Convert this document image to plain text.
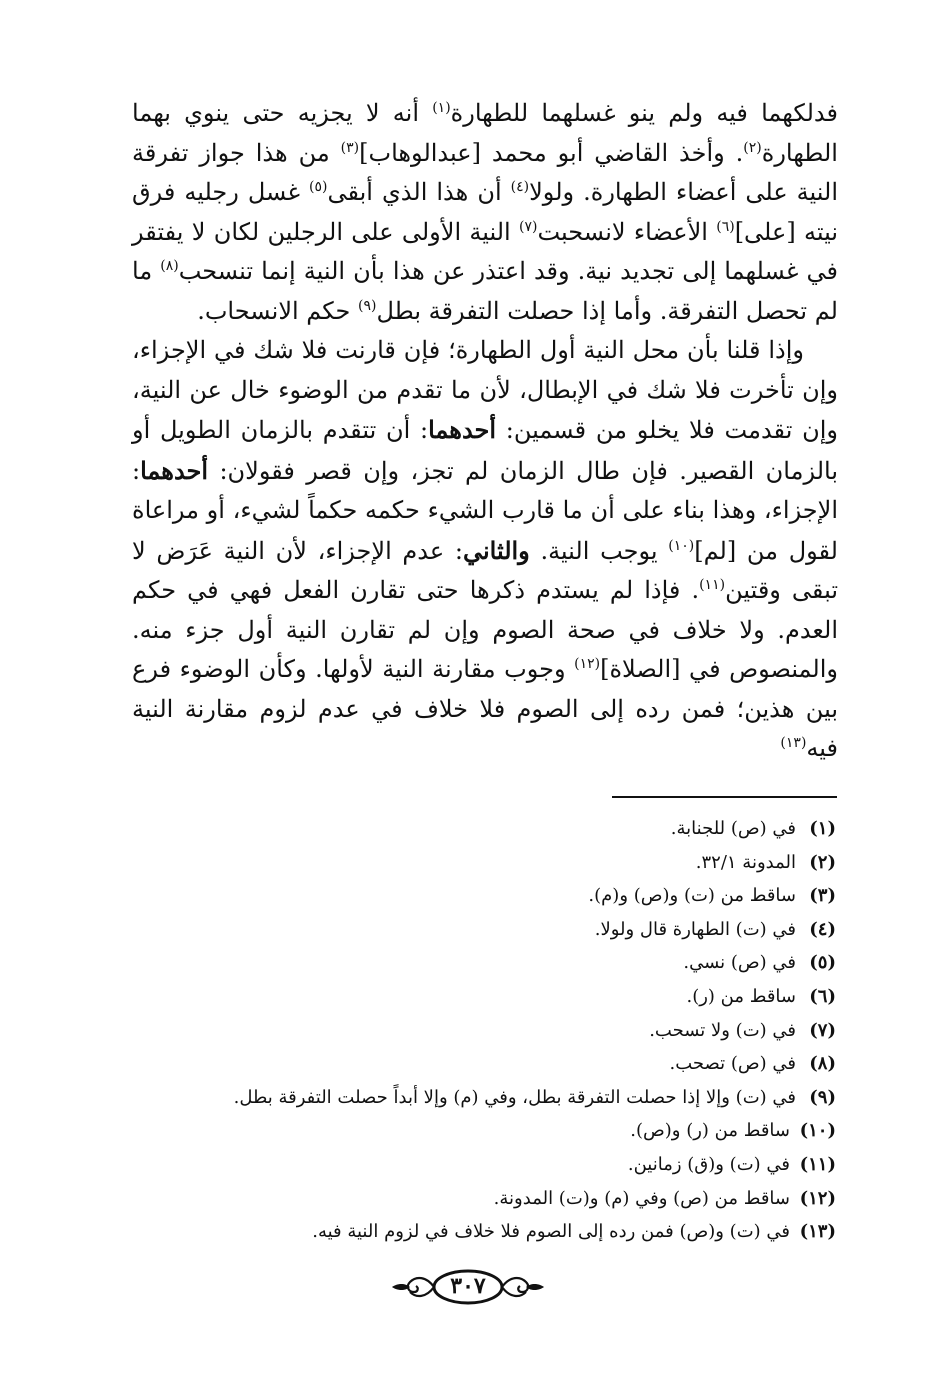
فدلكهما فيه ولم ينو غسلهما للطهارة$^{(١)}$ أنه لا يجزيه حتى ينوي بهما الطهارة$^{(٢)}$. وأخذ القاضي أبو محمد [عبدالوهاب]$^{(٣)}$ من هذا جواز تفرقة النية على أعضاء الطهارة. ولولا$^{(٤)}$ أن هذا الذي أبقى$^{(٥)}$ غسل رجليه فرق نيته [على]$^{(٦)}$ الأعضاء لانسحبت$^{(٧)}$ النية الأولى على الرجلين لكان لا يفتقر في غسلهما إلى تجديد نية. وقد اعتذر عن هذا بأن النية إنما تنسحب$^{(٨)}$ ما لم تحصل التفرقة. وأما إذا حصلت التفرقة بطل$^{(٩)}$ حكم الانسحاب.

وإذا قلنا بأن محل النية أول الطهارة؛ فإن قارنت فلا شك في الإجزاء، وإن تأخرت فلا شك في الإبطال، لأن ما تقدم من الوضوء خال عن النية، وإن تقدمت فلا يخلو من قسمين: أحدهما: أن تتقدم بالزمان الطويل أو بالزمان القصير. فإن طال الزمان لم تجز، وإن قصر فقولان: أحدهما: الإجزاء، وهذا بناء على أن ما قارب الشيء حكمه حكماً لشيء، أو مراعاة لقول من [لم]$^{(١٠)}$ يوجب النية. والثاني: عدم الإجزاء، لأن النية عَرَض لا تبقى وقتين$^{(١١)}$. فإذا لم يستدم ذكرها حتى تقارن الفعل فهي في حكم العدم. ولا خلاف في صحة الصوم وإن لم تقارن النية أول جزء منه. والمنصوص في [الصلاة]$^{(١٢)}$ وجوب مقارنة النية لأولها. وكأن الوضوء فرع بين هذين؛ فمن رده إلى الصوم فلا خلاف في عدم لزوم مقارنة النية فيه$^{(١٣)}$

(١)
في (ص) للجنابة.
(٢)
المدونة ٣٢/١.
(٣)
ساقط من (ت) و(ص) و(م).
(٤)
في (ت) الطهارة قال ولولا.
(٥)
في (ص) نسي.
(٦)
ساقط من (ر).
(٧)
في (ت) ولا تسحب.
(٨)
في (ص) تصحب.
(٩)
في (ت) وإلا إذا حصلت التفرقة بطل، وفي (م) وإلا أبداً حصلت التفرقة بطل.
(١٠)
ساقط من (ر) و(ص).
(١١)
في (ت) و(ق) زمانين.
(١٢)
ساقط من (ص) وفي (م) و(ت) المدونة.
(١٣)
في (ت) و(ص) فمن رده إلى الصوم فلا خلاف في لزوم النية فيه.
٣٠٧
